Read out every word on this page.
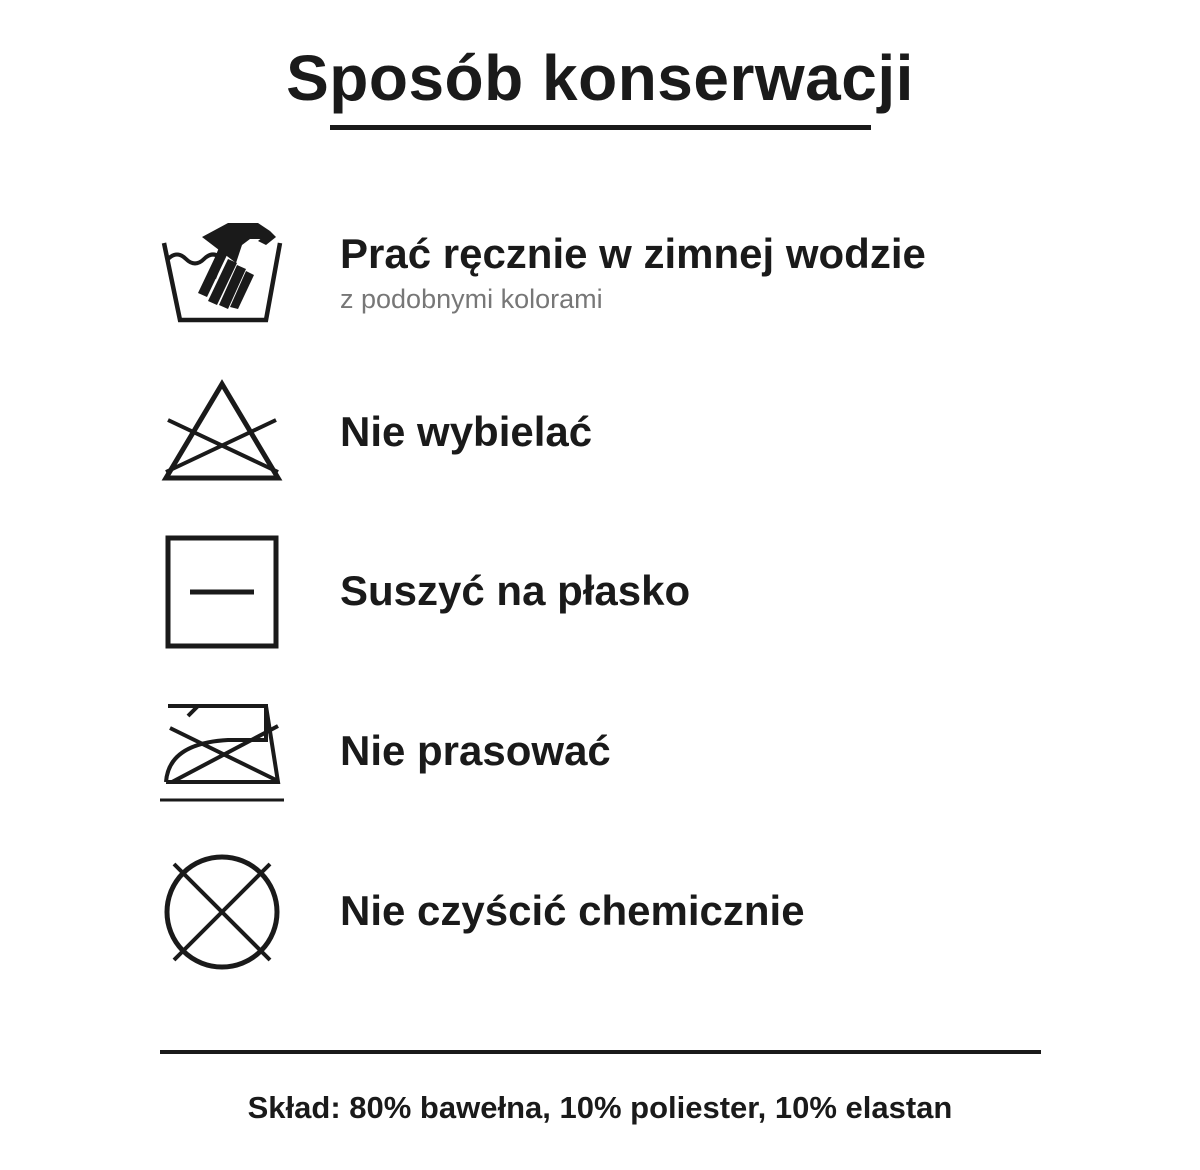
Sposób konserwacji
Prać ręcznie w zimnej wodzie
z podobnymi kolorami
Nie wybielać
Suszyć na płasko
Nie prasować
Nie czyścić chemicznie
Skład: 80% bawełna, 10% poliester, 10% elastan
